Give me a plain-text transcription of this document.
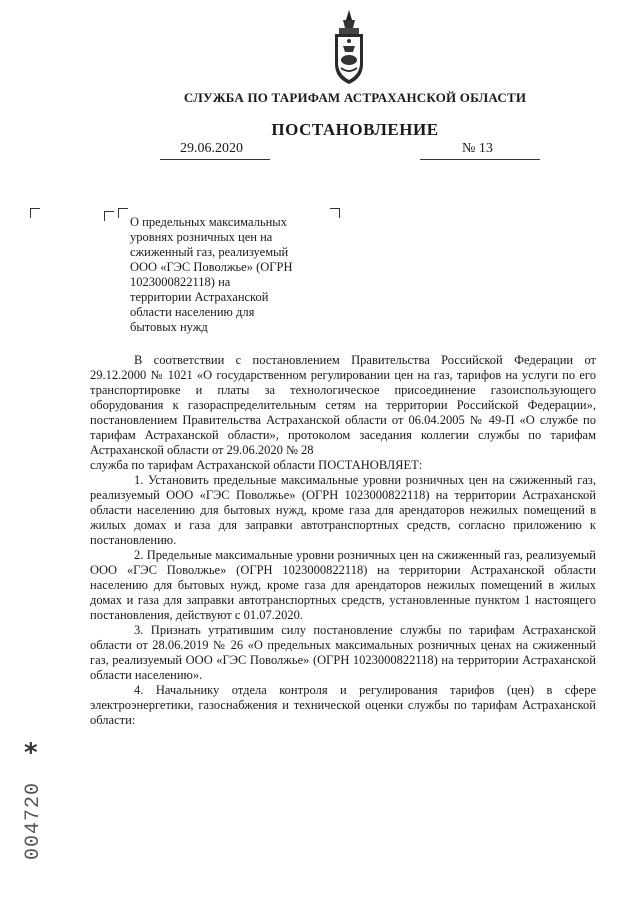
СЛУЖБА ПО ТАРИФАМ АСТРАХАНСКОЙ ОБЛАСТИ
ПОСТАНОВЛЕНИЕ
29.06.2020	№ 13
О предельных максимальных
уровнях розничных цен на
сжиженный газ, реализуемый
ООО «ГЭС Поволжье» (ОГРН
1023000822118) на
территории Астраханской
области населению для
бытовых нужд

В соответствии с постановлением Правительства Российской Федерации от 29.12.2000 № 1021 «О государственном регулировании цен на газ, тарифов на услуги по его транспортировке и платы за технологическое присоединение газоиспользующего оборудования к газораспределительным сетям на территории Российской Федерации», постановлением Правительства Астраханской области от 06.04.2005 № 49-П «О службе по тарифам Астраханской области», протоколом заседания коллегии службы по тарифам Астраханской области от 29.06.2020 № 28

служба по тарифам Астраханской области ПОСТАНОВЛЯЕТ:

1. Установить предельные максимальные уровни розничных цен на сжиженный газ, реализуемый ООО «ГЭС Поволжье» (ОГРН 1023000822118) на территории Астраханской области населению для бытовых нужд, кроме газа для арендаторов нежилых помещений в жилых домах и газа для заправки автотранспортных средств, согласно приложению к постановлению.

2. Предельные максимальные уровни розничных цен на сжиженный газ, реализуемый ООО «ГЭС Поволжье» (ОГРН 1023000822118) на территории Астраханской области населению для бытовых нужд, кроме газа для арендаторов нежилых помещений в жилых домах и газа для заправки автотранспортных средств, установленные пунктом 1 настоящего постановления, действуют с 01.07.2020.

3. Признать утратившим силу постановление службы по тарифам Астраханской области от 28.06.2019 № 26 «О предельных максимальных розничных ценах на сжиженный газ, реализуемый ООО «ГЭС Поволжье» (ОГРН 1023000822118) на территории Астраханской области населению».

4. Начальнику отдела контроля и регулирования тарифов (цен) в сфере электроэнергетики, газоснабжения и технической оценки службы по тарифам Астраханской области:

*
004720
